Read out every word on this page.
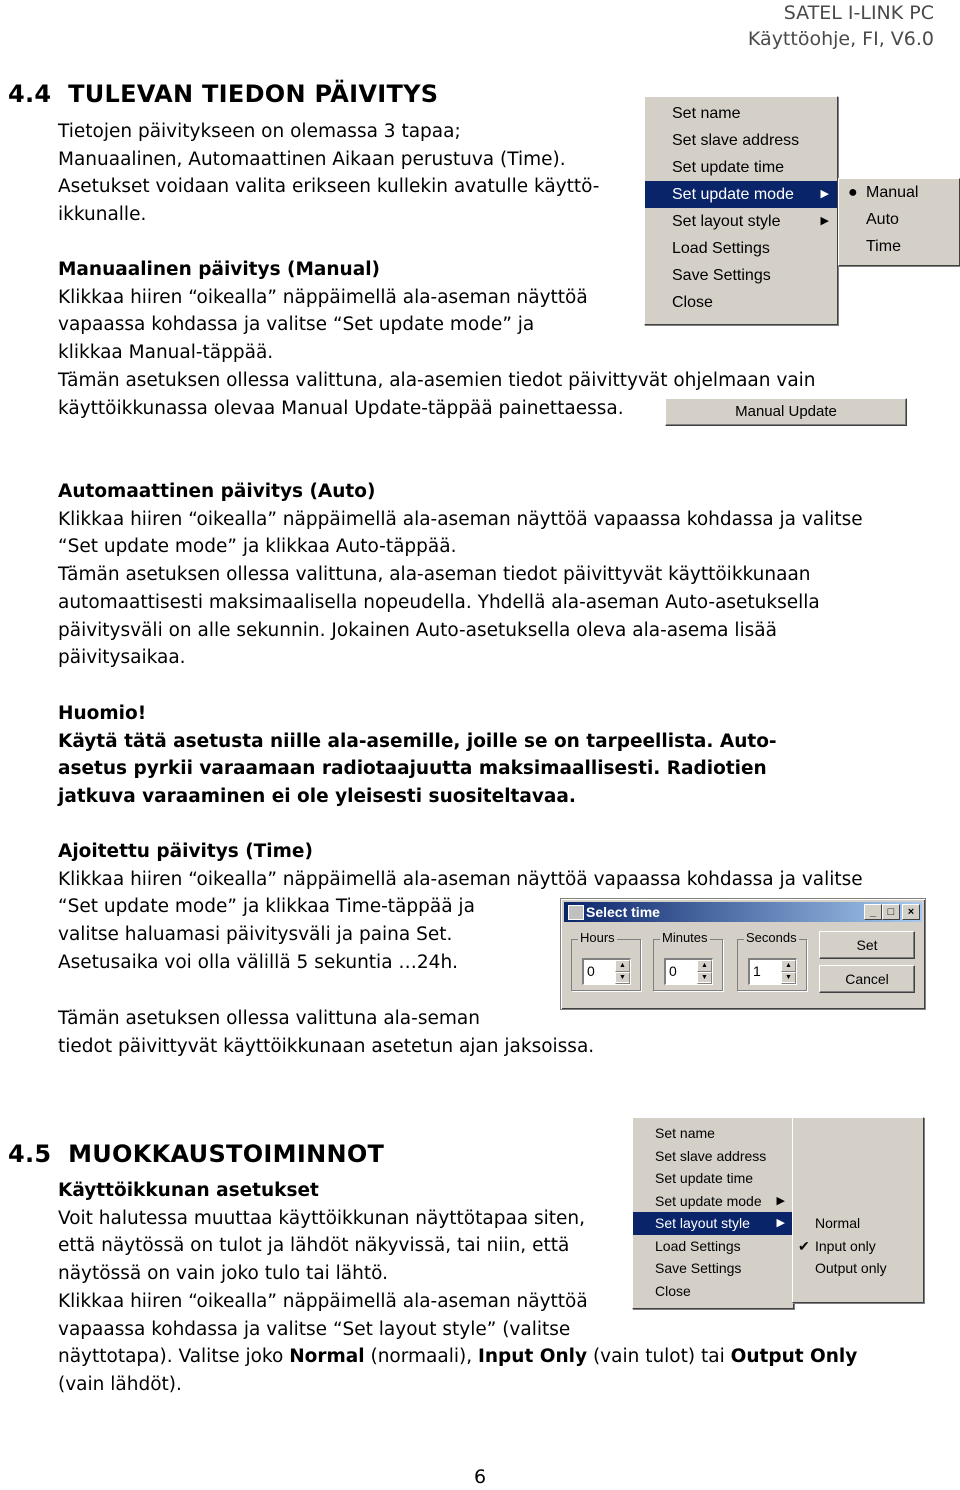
SATEL I-LINK PC
Käyttöohje, FI, V6.0
4.4 TULEVAN TIEDON PÄIVITYS
Tietojen päivitykseen on olemassa 3 tapaa;
Manuaalinen, Automaattinen Aikaan perustuva (Time).
Asetukset voidaan valita erikseen kullekin avatulle käyttö-
ikkunalle.
Manuaalinen päivitys (Manual)
Klikkaa hiiren “oikealla” näppäimellä ala-aseman näyttöä
vapaassa kohdassa ja valitse “Set update mode” ja
klikkaa Manual-täppää.
Tämän asetuksen ollessa valittuna, ala-asemien tiedot päivittyvät ohjelmaan vain
käyttöikkunassa olevaa Manual Update-täppää painettaessa.
Set name
Set slave address
Set update time
Set update mode ▶
Set layout style	▶
Load Settings
Save Settings
Close
● Manual
Auto
Time
Manual Update
Automaattinen päivitys (Auto)
Klikkaa hiiren “oikealla” näppäimellä ala-aseman näyttöä vapaassa kohdassa ja valitse
“Set update mode” ja klikkaa Auto-täppää.
Tämän asetuksen ollessa valittuna, ala-aseman tiedot päivittyvät käyttöikkunaan
automaattisesti maksimaalisella nopeudella. Yhdellä ala-aseman Auto-asetuksella
päivitysväli on alle sekunnin. Jokainen Auto-asetuksella oleva ala-asema lisää
päivitysaikaa.
Huomio!
Käytä tätä asetusta niille ala-asemille, joille se on tarpeellista. Auto-
asetus pyrkii varaamaan radiotaajuutta maksimaallisesti. Radiotien
jatkuva varaaminen ei ole yleisesti suositeltavaa.
Ajoitettu päivitys (Time)
Klikkaa hiiren “oikealla” näppäimellä ala-aseman näyttöä vapaassa kohdassa ja valitse
“Set update mode” ja klikkaa Time-täppää ja
valitse haluamasi päivitysväli ja paina Set.
Asetusaika voi olla välillä 5 sekuntia …24h.
Tämän asetuksen ollessa valittuna ala-seman
tiedot päivittyvät käyttöikkunaan asetetun ajan jaksoissa.
Select time	_	□	×
Hours
0	▲
▼
Minutes
0	▲
▼
Seconds
1	▲
▼
Set
Cancel
4.5 MUOKKAUSTOIMINNOT
Käyttöikkunan asetukset
Voit halutessa muuttaa käyttöikkunan näyttötapaa siten,
että näytössä on tulot ja lähdöt näkyvissä, tai niin, että
näytössä on vain joko tulo tai lähtö.
Klikkaa hiiren “oikealla” näppäimellä ala-aseman näyttöä
vapaassa kohdassa ja valitse “Set layout style” (valitse
näyttotapa). Valitse joko Normal (normaali), Input Only (vain tulot) tai Output Only
(vain lähdöt).
Set name
Set slave address
Set update time
Set update mode ▶
Set layout style ▶
Load Settings
Save Settings
Close
Normal
✔ Input only
Output only
6
